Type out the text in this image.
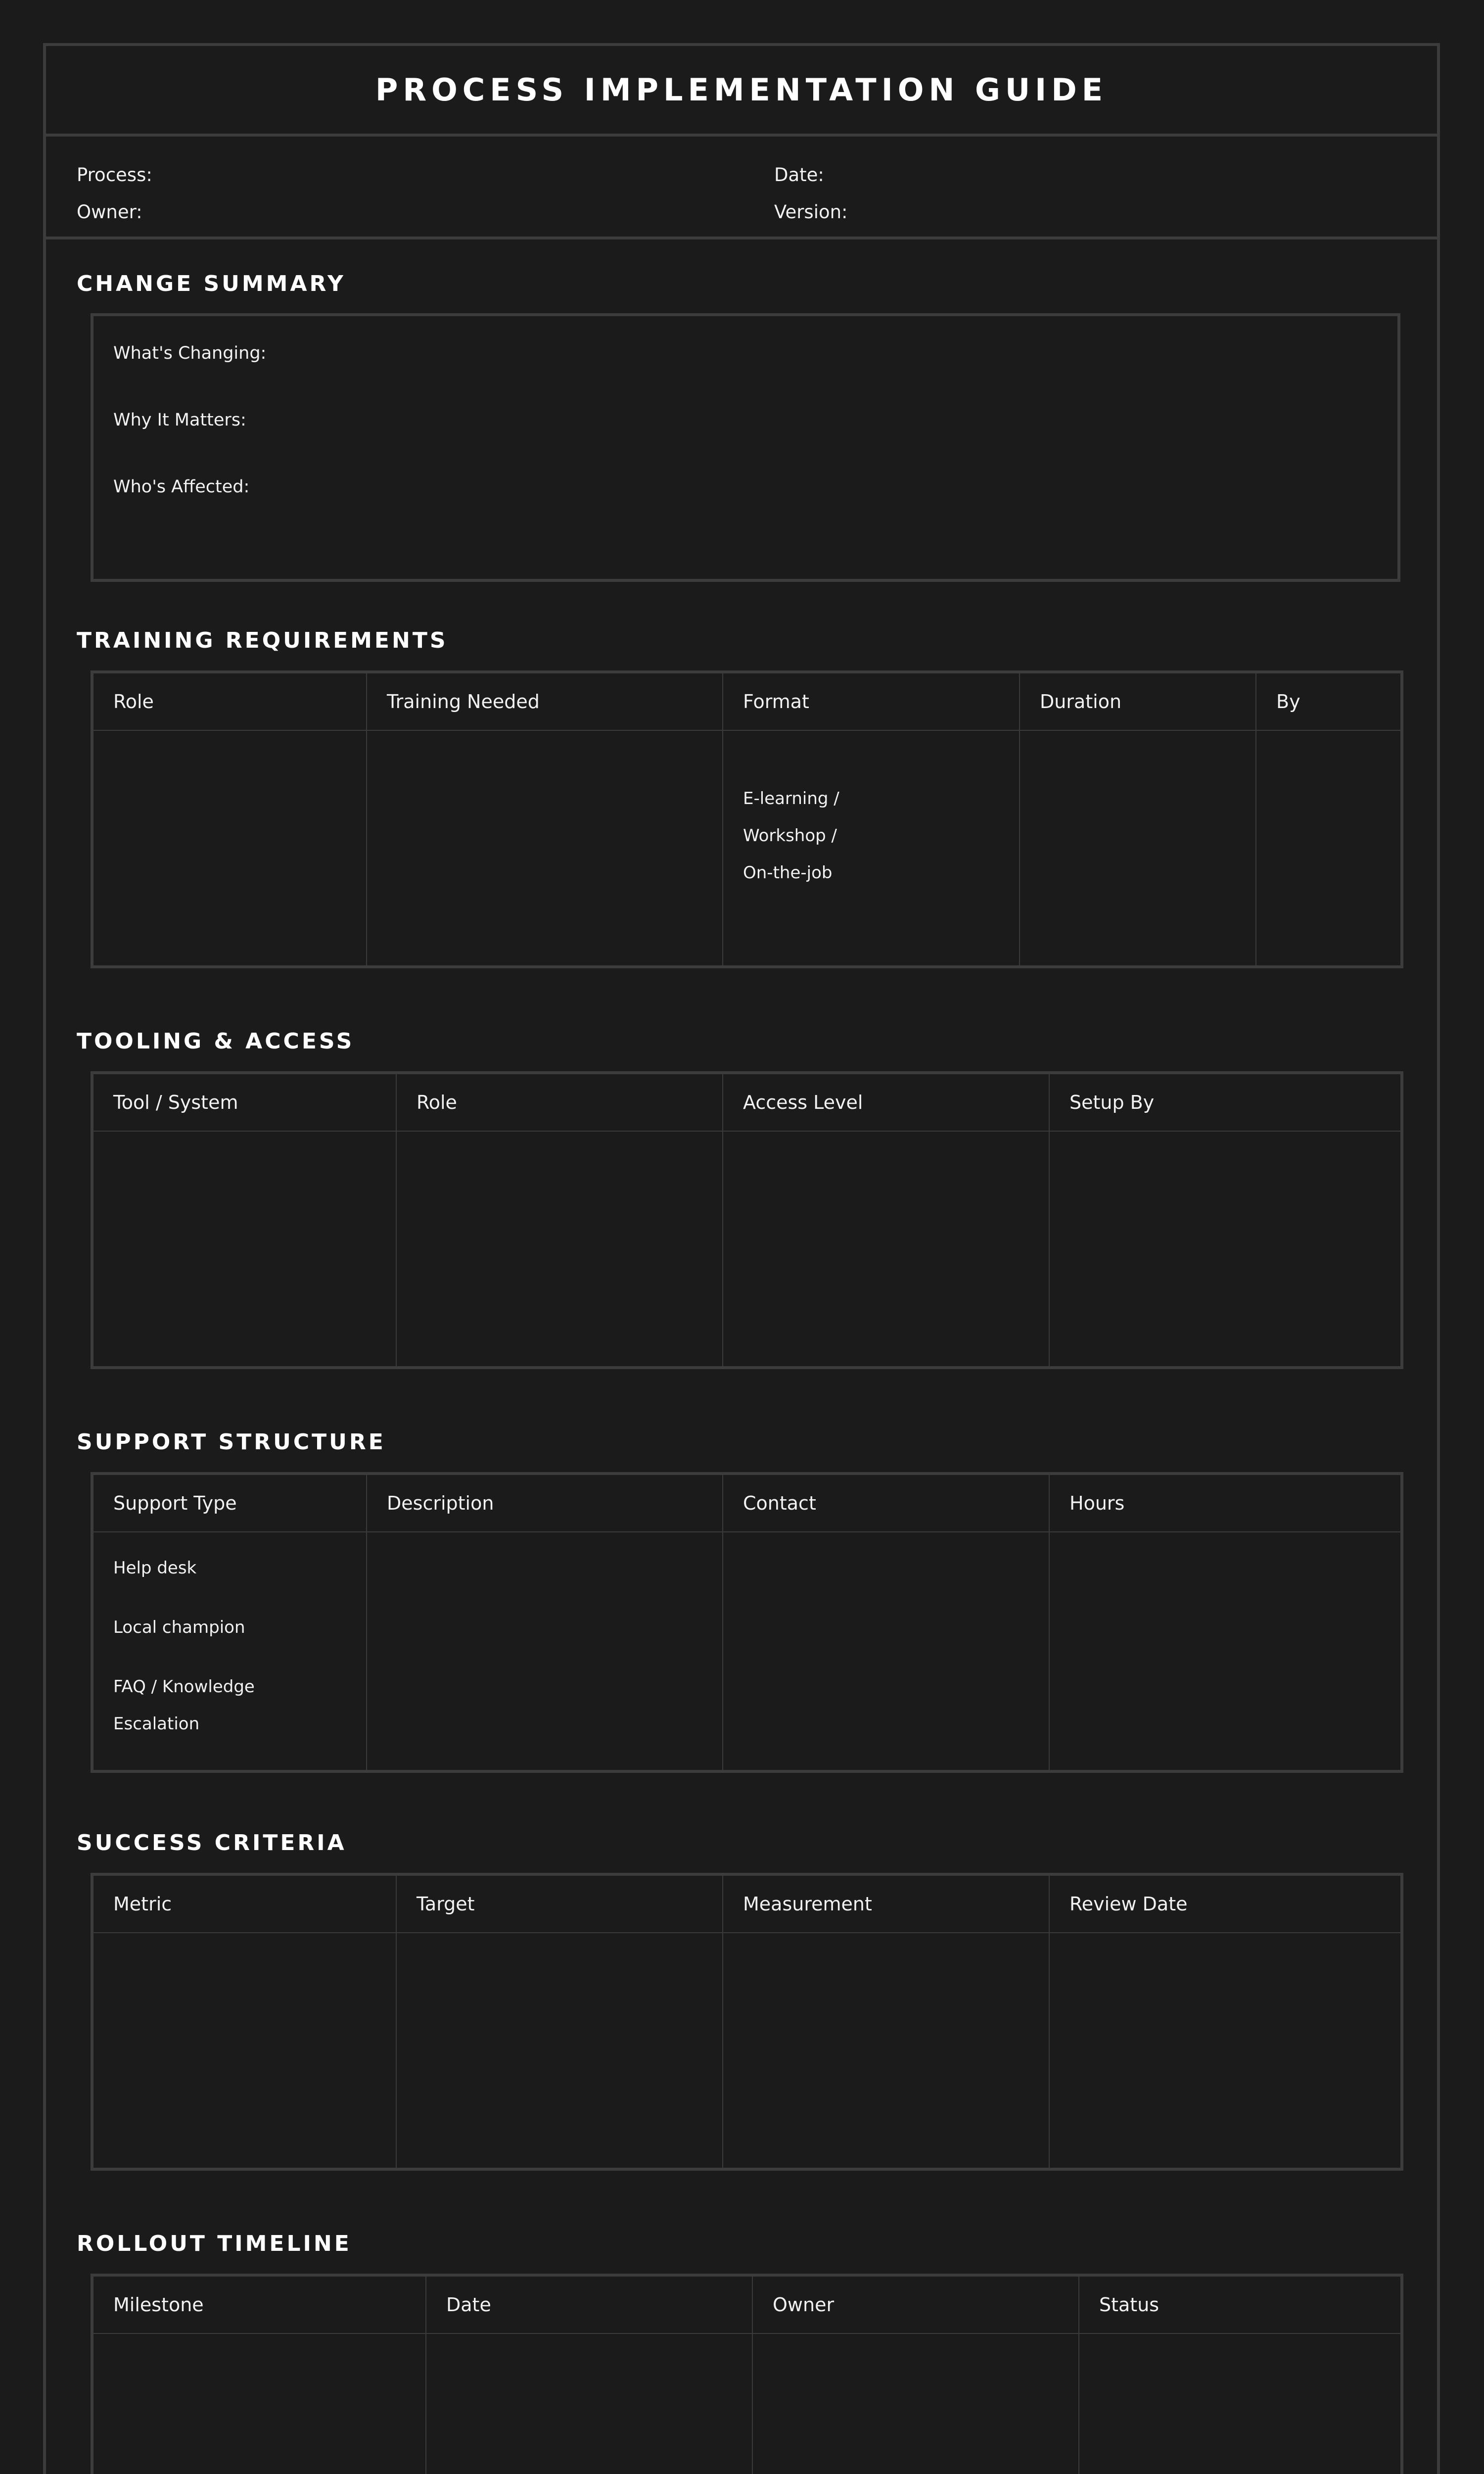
PROCESS IMPLEMENTATION GUIDE
Process:	Date:
Owner:	Version:
CHANGE SUMMARY
What's Changing:
Why It Matters:
Who's Affected:
TRAINING REQUIREMENTS
Role	Training Needed	Format	Duration	By

		E-learning /
Workshop /
On-the-job		

TOOLING & ACCESS
Tool / System	Role	Access Level	Setup By

SUPPORT STRUCTURE
Support Type	Description	Contact	Hours

Help desk
Local champion
FAQ / Knowledge
Escalation			

SUCCESS CRITERIA
Metric	Target	Measurement	Review Date

ROLLOUT TIMELINE
Milestone	Date	Owner	Status
